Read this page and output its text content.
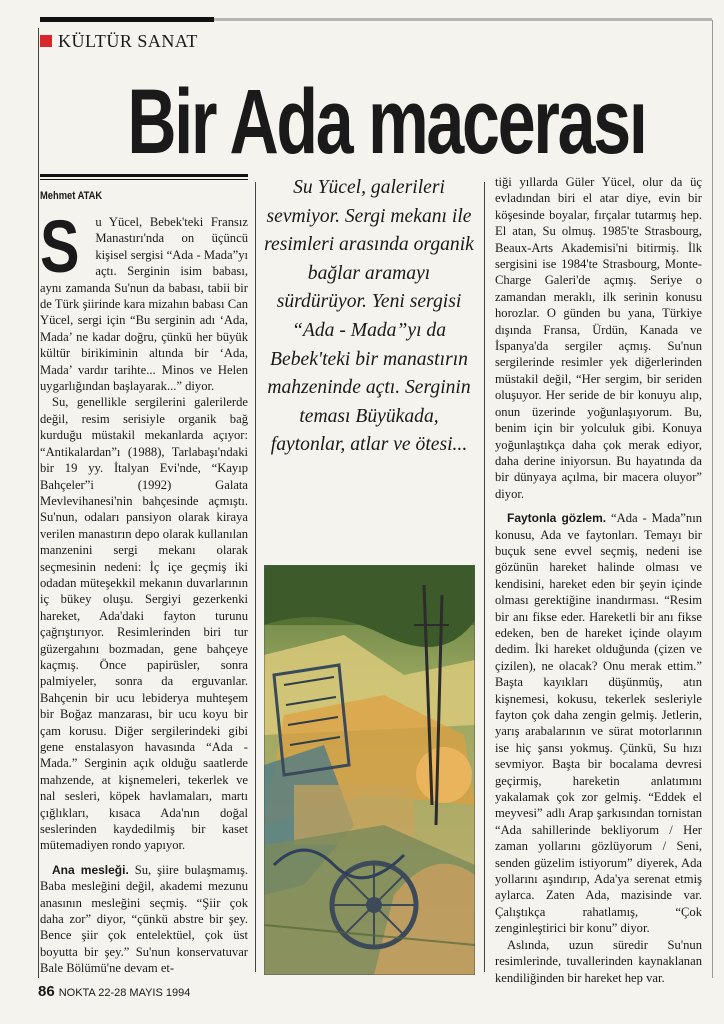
KÜLTÜR SANAT
Bir Ada macerası
Mehmet ATAK

S u Yücel, Bebek'teki Fransız Manastırı'nda on üçüncü kişisel sergisi “Ada - Mada”yı açtı. Serginin isim babası, aynı zamanda Su'nun da babası, tabii bir de Türk şiirinde kara mizahın babası Can Yücel, sergi için “Bu serginin adı ‘Ada, Mada’ ne kadar doğru, çünkü her büyük kültür birikiminin altında bir ‘Ada, Mada’ vardır tarihte... Minos ve Helen uygarlığından başlayarak...” diyor.

Su, genellikle sergilerini galerilerde değil, resim serisiyle organik bağ kurduğu müstakil mekanlarda açıyor: “Antikalardan”ı (1988), Tarlabaşı'ndaki bir 19 yy. İtalyan Evi'nde, “Kayıp Bahçeler”i (1992) Galata Mevlevihanesi'nin bahçesinde açmıştı. Su'nun, odaları pansiyon olarak kiraya verilen manastırın depo olarak kullanılan manzenini sergi mekanı olarak seçmesinin nedeni: İç içe geçmiş iki odadan müteşekkil mekanın duvarlarının iç bükey oluşu. Sergiyi gezerkenki hareket, Ada'daki fayton turunu çağrıştırıyor. Resimlerinden biri tur güzergahını bozmadan, gene bahçeye kaçmış. Önce papirüsler, sonra palmiyeler, sonra da erguvanlar. Bahçenin bir ucu lebiderya muhteşem bir Boğaz manzarası, bir ucu koyu bir çam korusu. Diğer sergilerindeki gibi gene enstalasyon havasında “Ada - Mada.” Serginin açık olduğu saatlerde mahzende, at kişnemeleri, tekerlek ve nal sesleri, köpek havlamaları, martı çığlıkları, kısaca Ada'nın doğal seslerinden kaydedilmiş bir kaset mütemadiyen rondo yapıyor.

Ana mesleği. Su, şiire bulaşmamış. Baba mesleğini değil, akademi mezunu anasının mesleğini seçmiş. “Şiir çok daha zor” diyor, “çünkü abstre bir şey. Bence şiir çok entelektüel, çok üst boyutta bir şey.” Su'nun konservatuvar Bale Bölümü'ne devam et-

Su Yücel, galerileri sevmiyor. Sergi mekanı ile resimleri arasında organik bağlar aramayı sürdürüyor. Yeni sergisi “Ada - Mada”yı da Bebek'teki bir manastırın mahzeninde açtı. Serginin teması Büyükada, faytonlar, atlar ve ötesi...

tiği yıllarda Güler Yücel, olur da üç evladından biri el atar diye, evin bir köşesinde boyalar, fırçalar tutarmış hep. El atan, Su olmuş. 1985'te Strasbourg, Beaux-Arts Akademisi'ni bitirmiş. İlk sergisini ise 1984'te Strasbourg, Monte-Charge Galeri'de açmış. Seriye o zamandan meraklı, ilk serinin konusu horozlar. O günden bu yana, Türkiye dışında Fransa, Ürdün, Kanada ve İspanya'da sergiler açmış. Su'nun sergilerinde resimler yek diğerlerinden müstakil değil, “Her sergim, bir seriden oluşuyor. Her seride de bir konuyu alıp, onun üzerinde yoğunlaşıyorum. Bu, benim için bir yolculuk gibi. Konuya yoğunlaştıkça daha çok merak ediyor, daha derine iniyorsun. Bu hayatında da bir dünyaya açılma, bir macera oluyor” diyor.

Faytonla gözlem. “Ada - Mada”nın konusu, Ada ve faytonları. Temayı bir buçuk sene evvel seçmiş, nedeni ise gözünün hareket halinde olması ve kendisini, hareket eden bir şeyin içinde olması gerektiğine inandırması. “Resim bir anı fikse eder. Hareketli bir anı fikse edeken, ben de hareket içinde olayım dedim. İki hareket olduğunda (çizen ve çizilen), ne olacak? Onu merak ettim.” Başta kayıkları düşünmüş, atın kişnemesi, kokusu, tekerlek sesleriyle fayton çok daha zengin gelmiş. Jetlerin, yarış arabalarının ve sürat motorlarının ise hiç şansı yokmuş. Çünkü, Su hızı sevmiyor. Başta bir bocalama devresi geçirmiş, hareketin anlatımını yakalamak çok zor gelmiş. “Eddek el meyvesi” adlı Arap şarkısından tornistan “Ada sahillerinde bekliyorum / Her zaman yollarını gözlüyorum / Seni, senden güzelim istiyorum” diyerek, Ada yollarını aşındırıp, Ada'ya serenat etmiş aylarca. Zaten Ada, mazisinde var. Çalıştıkça rahatlamış, “Çok zenginleştirici bir konu” diyor.

Aslında, uzun süredir Su'nun resimlerinde, tuvallerinden kaynaklanan kendiliğinden bir hareket hep var.

86 NOKTA 22-28 MAYIS 1994
